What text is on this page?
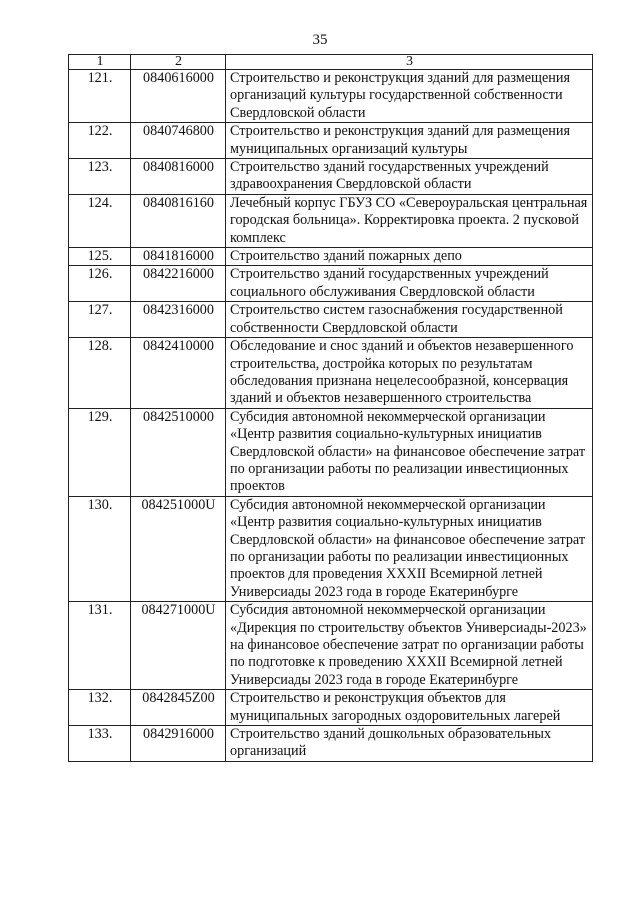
35
1	2	3
121.	0840616000	Строительство и реконструкция зданий для размещения организаций культуры государственной собственности Свердловской области
122.	0840746800	Строительство и реконструкция зданий для размещения муниципальных организаций культуры
123.	0840816000	Строительство зданий государственных учреждений здравоохранения Свердловской области
124.	0840816160	Лечебный корпус ГБУЗ СО «Североуральская центральная городская больница». Корректировка проекта. 2 пусковой комплекс
125.	0841816000	Строительство зданий пожарных депо
126.	0842216000	Строительство зданий государственных учреждений социального обслуживания Свердловской области
127.	0842316000	Строительство систем газоснабжения государственной собственности Свердловской области
128.	0842410000	Обследование и снос зданий и объектов незавершенного строительства, достройка которых по результатам обследования признана нецелесообразной, консервация зданий и объектов незавершенного строительства
129.	0842510000	Субсидия автономной некоммерческой организации «Центр развития социально-культурных инициатив Свердловской области» на финансовое обеспечение затрат по организации работы по реализации инвестиционных проектов
130.	084251000U	Субсидия автономной некоммерческой организации «Центр развития социально-культурных инициатив Свердловской области» на финансовое обеспечение затрат по организации работы по реализации инвестиционных проектов для проведения XXXII Всемирной летней Универсиады 2023 года в городе Екатеринбурге
131.	084271000U	Субсидия автономной некоммерческой организации «Дирекция по строительству объектов Универсиады-2023» на финансовое обеспечение затрат по организации работы по подготовке к проведению XXXII Всемирной летней Универсиады 2023 года в городе Екатеринбурге
132.	0842845Z00	Строительство и реконструкция объектов для муниципальных загородных оздоровительных лагерей
133.	0842916000	Строительство зданий дошкольных образовательных организаций
